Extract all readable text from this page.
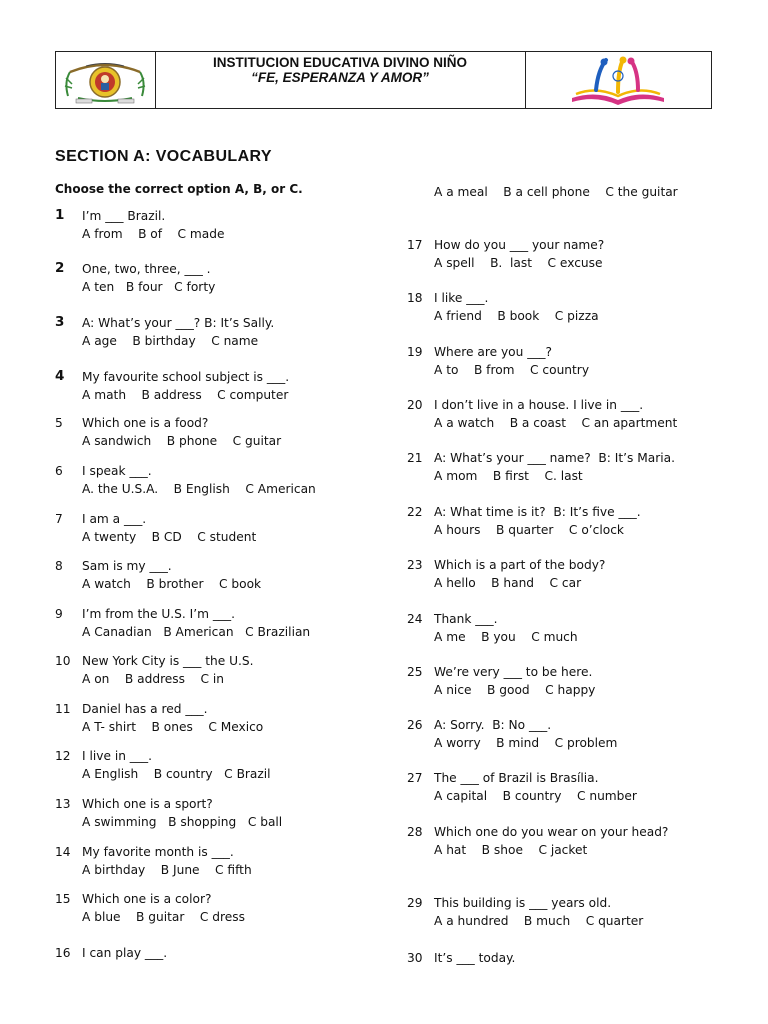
INSTITUCION EDUCATIVA DIVINO NIÑO
“FE, ESPERANZA Y AMOR”
SECTION A: VOCABULARY
Choose the correct option A, B, or C.
1 I’m ___ Brazil.
A from    B of    C made
2 One, two, three, ___ .
A ten   B four   C forty
3 A: What’s your ___? B: It’s Sally.
A age    B birthday    C name
4 My favourite school subject is ___.
A math    B address    C computer
5 Which one is a food?
A sandwich    B phone    C guitar
6 I speak ___.
A. the U.S.A.    B English    C American
7 I am a ___.
A twenty    B CD    C student
8 Sam is my ___.
A watch    B brother    C book
9 I’m from the U.S. I’m ___.
A Canadian   B American   C Brazilian
10 New York City is ___ the U.S.
A on    B address    C in
11 Daniel has a red ___.
A T- shirt    B ones    C Mexico
12 I live in ___.
A English    B country   C Brazil
13 Which one is a sport?
A swimming   B shopping   C ball
14 My favorite month is ___.
A birthday    B June    C fifth
15 Which one is a color?
A blue    B guitar    C dress
16 I can play ___.
A a meal    B a cell phone    C the guitar
17 How do you ___ your name?
A spell    B.  last    C excuse
18 I like ___.
A friend    B book    C pizza
19 Where are you ___?
A to    B from    C country
20 I don’t live in a house. I live in ___.
A a watch    B a coast    C an apartment
21 A: What’s your ___ name?  B: It’s Maria.
A mom    B first    C. last
22 A: What time is it?  B: It’s five ___.
A hours    B quarter    C o’clock
23 Which is a part of the body?
A hello    B hand    C car
24 Thank ___.
A me    B you    C much
25 We’re very ___ to be here.
A nice    B good    C happy
26 A: Sorry.  B: No ___.
A worry    B mind    C problem
27 The ___ of Brazil is Brasília.
A capital    B country    C number
28 Which one do you wear on your head?
A hat    B shoe    C jacket
29 This building is ___ years old.
A a hundred    B much    C quarter
30 It’s ___ today.
